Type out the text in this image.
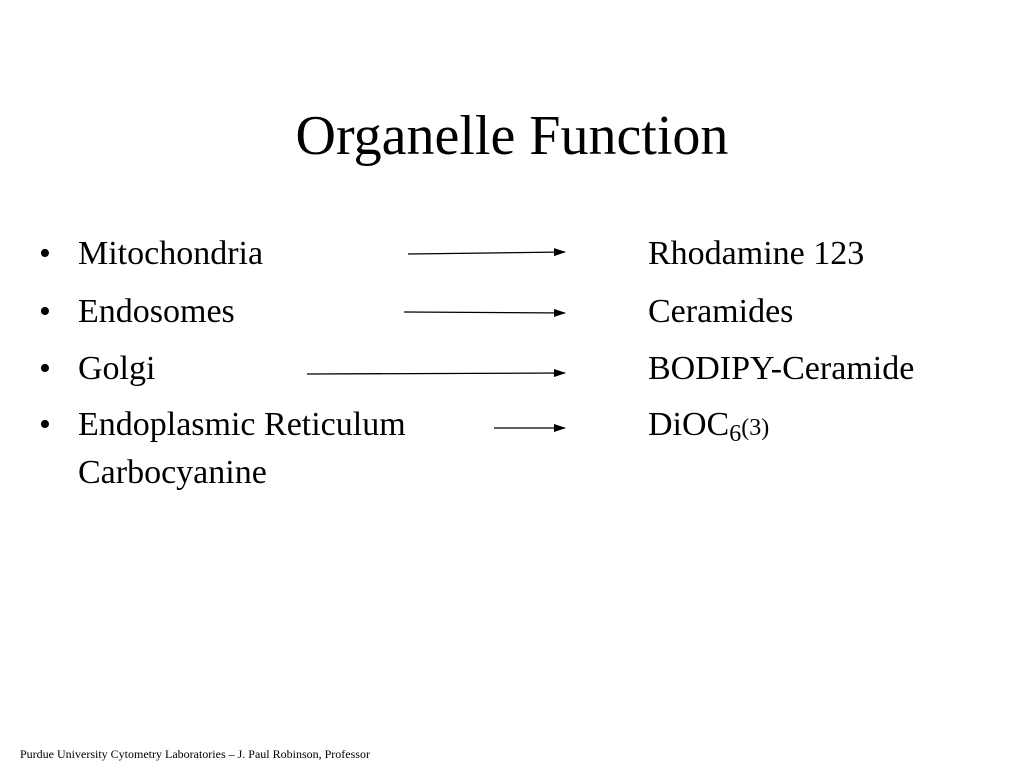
Organelle Function
• Mitochondria	Rhodamine 123
• Endosomes	Ceramides
• Golgi	BODIPY-Ceramide
• Endoplasmic Reticulum	DiOC$_6$(3)
Carbocyanine
Purdue University Cytometry Laboratories – J. Paul Robinson, Professor
